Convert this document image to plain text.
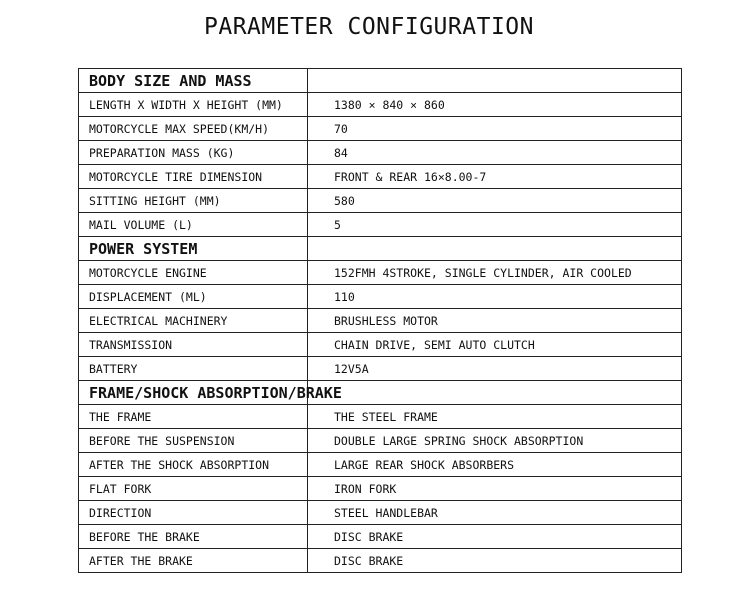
PARAMETER CONFIGURATION
BODY SIZE AND MASS	
LENGTH X WIDTH X HEIGHT (MM)	1380 × 840 × 860
MOTORCYCLE MAX SPEED(KM/H)	70
PREPARATION MASS (KG)	84
MOTORCYCLE TIRE DIMENSION	FRONT & REAR 16×8.00-7
SITTING HEIGHT (MM)	580
MAIL VOLUME (L)	5
POWER SYSTEM	
MOTORCYCLE ENGINE	152FMH 4STROKE, SINGLE CYLINDER, AIR COOLED
DISPLACEMENT (ML)	110
ELECTRICAL MACHINERY	BRUSHLESS MOTOR
TRANSMISSION	CHAIN DRIVE, SEMI AUTO CLUTCH
BATTERY	12V5A
FRAME/SHOCK ABSORPTION/BRAKE	
THE FRAME	THE STEEL FRAME
BEFORE THE SUSPENSION	DOUBLE LARGE SPRING SHOCK ABSORPTION
AFTER THE SHOCK ABSORPTION	LARGE REAR SHOCK ABSORBERS
FLAT FORK	IRON FORK
DIRECTION	STEEL HANDLEBAR
BEFORE THE BRAKE	DISC BRAKE
AFTER THE BRAKE	DISC BRAKE
